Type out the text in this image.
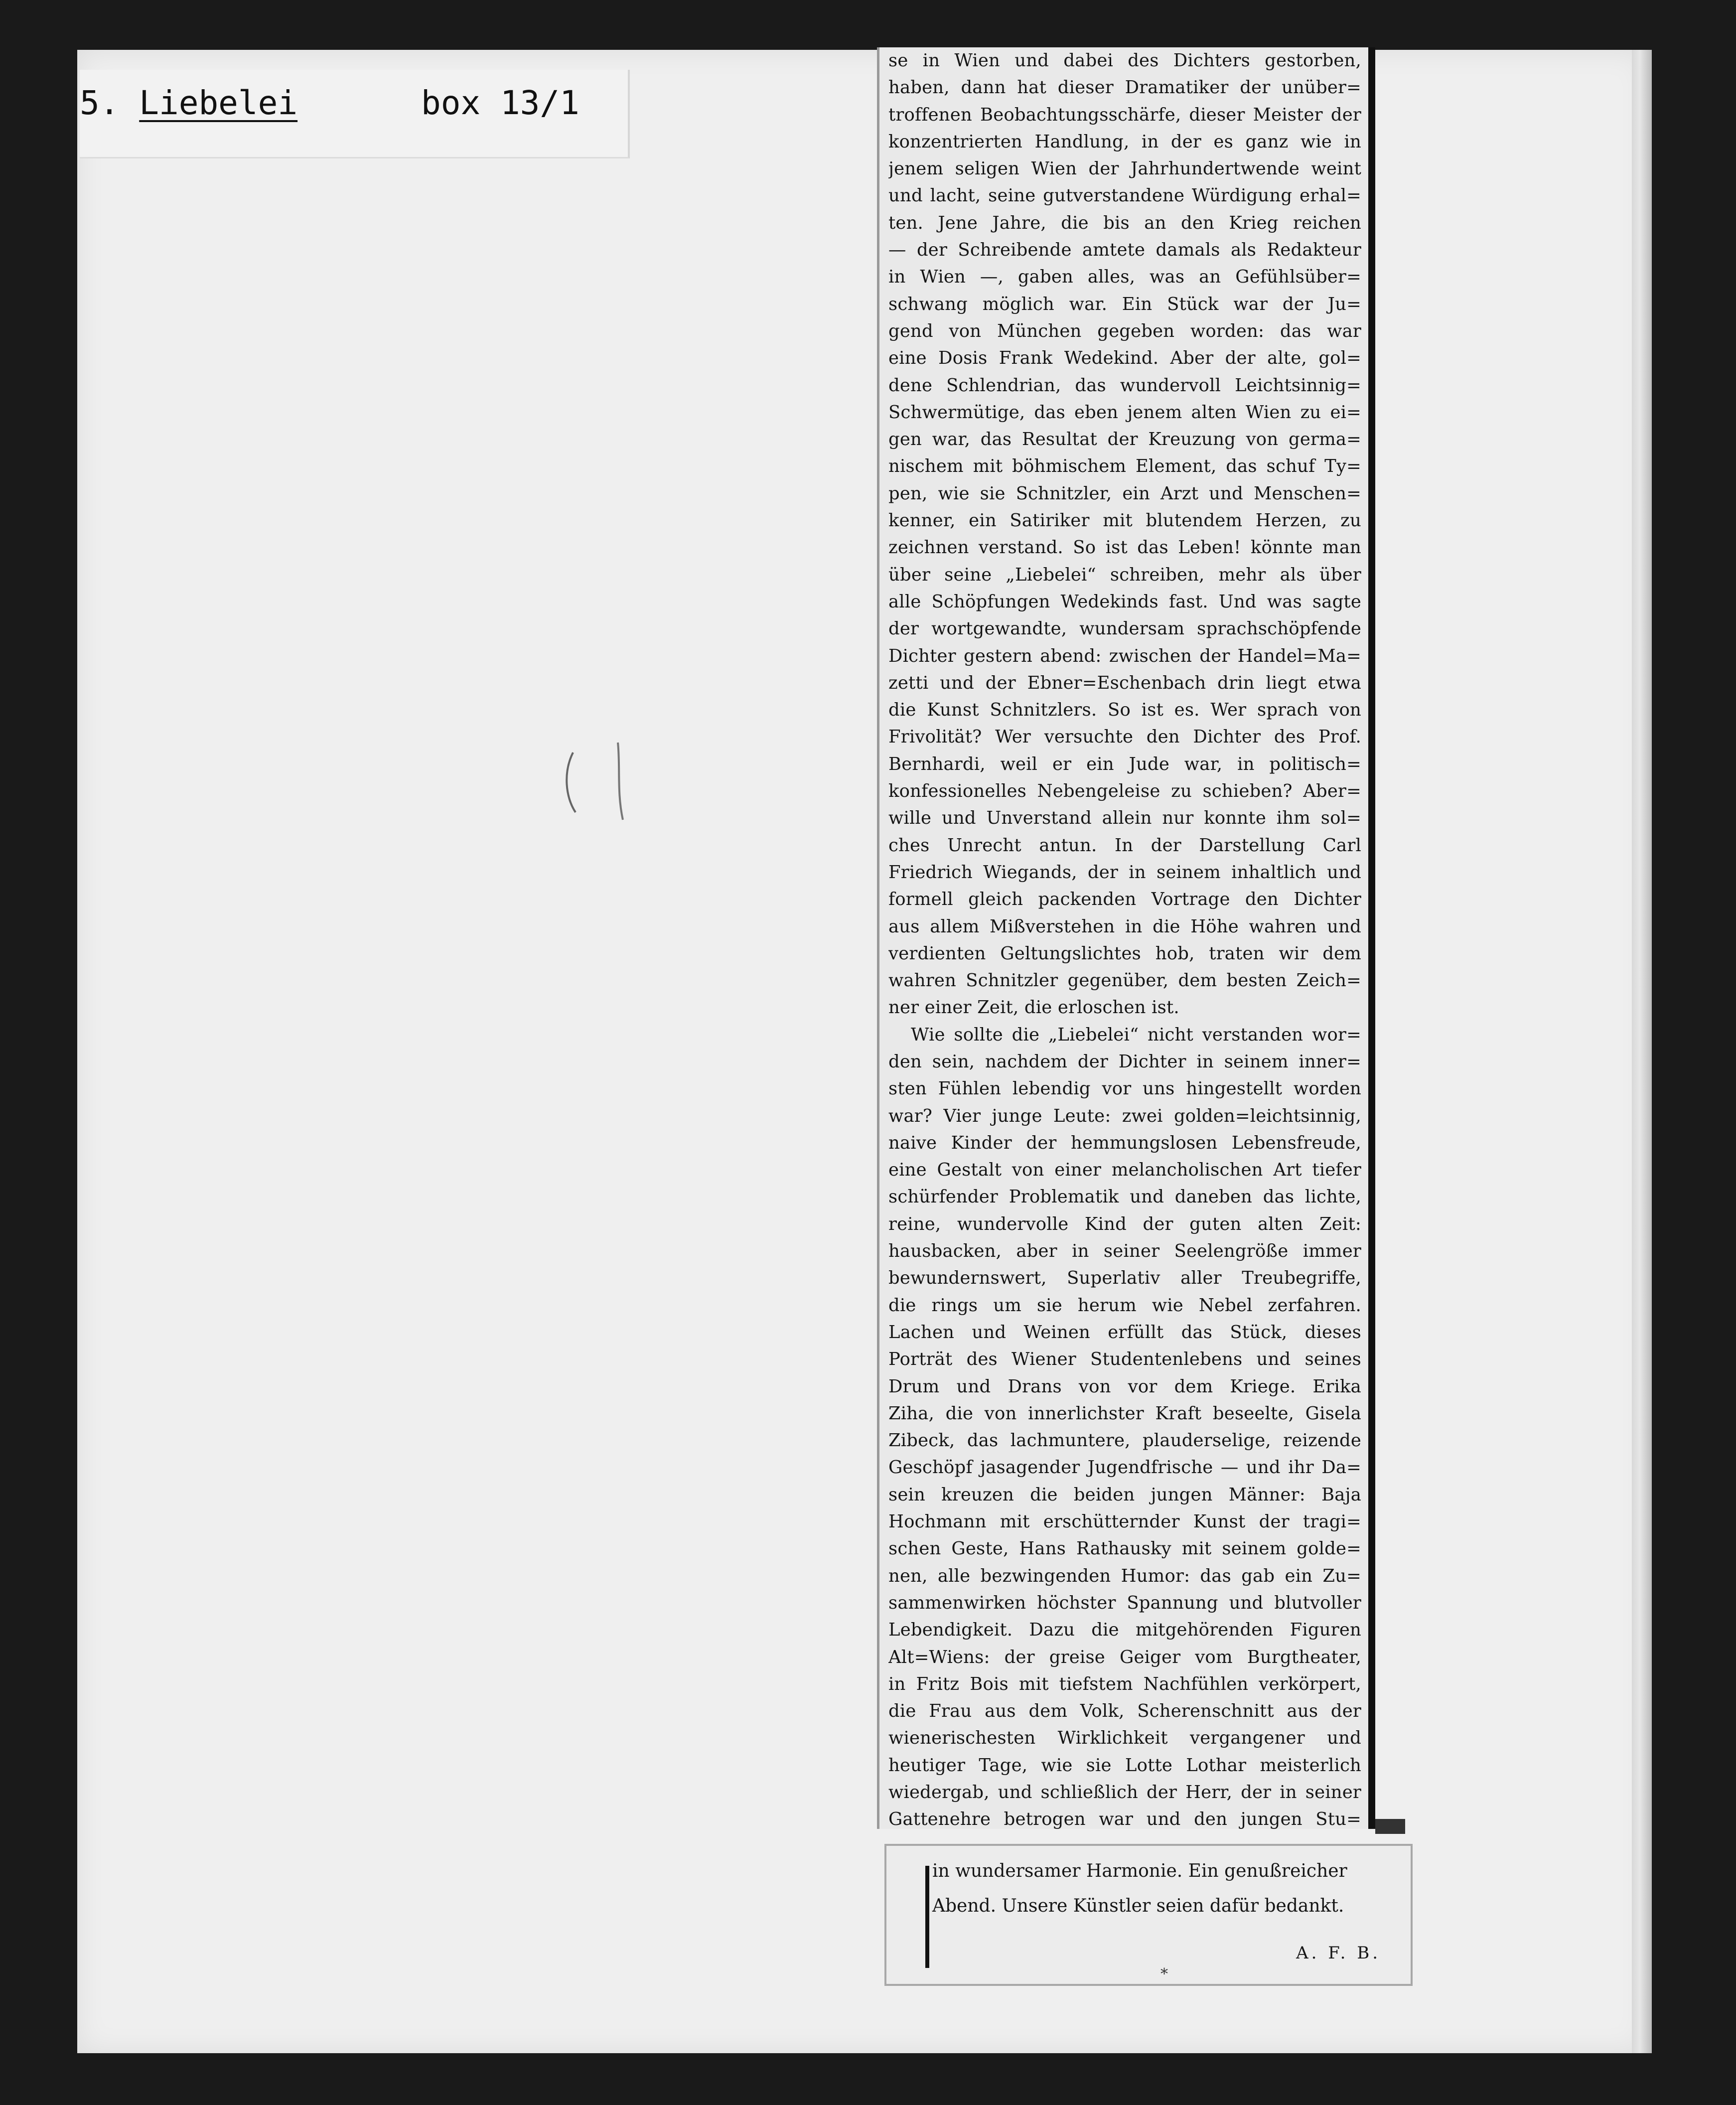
5. Liebelei	box 13/1

se in Wien und dabei des Dichters gestorben,

haben, dann hat dieser Dramatiker der unüber=

troffenen Beobachtungsschärfe, dieser Meister der

konzentrierten Handlung, in der es ganz wie in

jenem seligen Wien der Jahrhundertwende weint

und lacht, seine gutverstandene Würdigung erhal=

ten. Jene Jahre, die bis an den Krieg reichen

— der Schreibende amtete damals als Redakteur

in Wien —, gaben alles, was an Gefühlsüber=

schwang möglich war. Ein Stück war der Ju=

gend von München gegeben worden: das war

eine Dosis Frank Wedekind. Aber der alte, gol=

dene Schlendrian, das wundervoll Leichtsinnig=

Schwermütige, das eben jenem alten Wien zu ei=

gen war, das Resultat der Kreuzung von germa=

nischem mit böhmischem Element, das schuf Ty=

pen, wie sie Schnitzler, ein Arzt und Menschen=

kenner, ein Satiriker mit blutendem Herzen, zu

zeichnen verstand. So ist das Leben! könnte man

über seine „Liebelei“ schreiben, mehr als über

alle Schöpfungen Wedekinds fast. Und was sagte

der wortgewandte, wundersam sprachschöpfende

Dichter gestern abend: zwischen der Handel=Ma=

zetti und der Ebner=Eschenbach drin liegt etwa

die Kunst Schnitzlers. So ist es. Wer sprach von

Frivolität? Wer versuchte den Dichter des Prof.

Bernhardi, weil er ein Jude war, in politisch=

konfessionelles Nebengeleise zu schieben? Aber=

wille und Unverstand allein nur konnte ihm sol=

ches Unrecht antun. In der Darstellung Carl

Friedrich Wiegands, der in seinem inhaltlich und

formell gleich packenden Vortrage den Dichter

aus allem Mißverstehen in die Höhe wahren und

verdienten Geltungslichtes hob, traten wir dem

wahren Schnitzler gegenüber, dem besten Zeich=

ner einer Zeit, die erloschen ist.

Wie sollte die „Liebelei“ nicht verstanden wor=

den sein, nachdem der Dichter in seinem inner=

sten Fühlen lebendig vor uns hingestellt worden

war? Vier junge Leute: zwei golden=leichtsinnig,

naive Kinder der hemmungslosen Lebensfreude,

eine Gestalt von einer melancholischen Art tiefer

schürfender Problematik und daneben das lichte,

reine, wundervolle Kind der guten alten Zeit:

hausbacken, aber in seiner Seelengröße immer

bewundernswert, Superlativ aller Treubegriffe,

die rings um sie herum wie Nebel zerfahren.

Lachen und Weinen erfüllt das Stück, dieses

Porträt des Wiener Studentenlebens und seines

Drum und Drans von vor dem Kriege. Erika

Ziha, die von innerlichster Kraft beseelte, Gisela

Zibeck, das lachmuntere, plauderselige, reizende

Geschöpf jasagender Jugendfrische — und ihr Da=

sein kreuzen die beiden jungen Männer: Baja

Hochmann mit erschütternder Kunst der tragi=

schen Geste, Hans Rathausky mit seinem golde=

nen, alle bezwingenden Humor: das gab ein Zu=

sammenwirken höchster Spannung und blutvoller

Lebendigkeit. Dazu die mitgehörenden Figuren

Alt=Wiens: der greise Geiger vom Burgtheater,

in Fritz Bois mit tiefstem Nachfühlen verkörpert,

die Frau aus dem Volk, Scherenschnitt aus der

wienerischesten Wirklichkeit vergangener und

heutiger Tage, wie sie Lotte Lothar meisterlich

wiedergab, und schließlich der Herr, der in seiner

Gattenehre betrogen war und den jungen Stu=

in wundersamer Harmonie. Ein genußreicher
Abend. Unsere Künstler seien dafür bedankt.
A. F. B.
*
